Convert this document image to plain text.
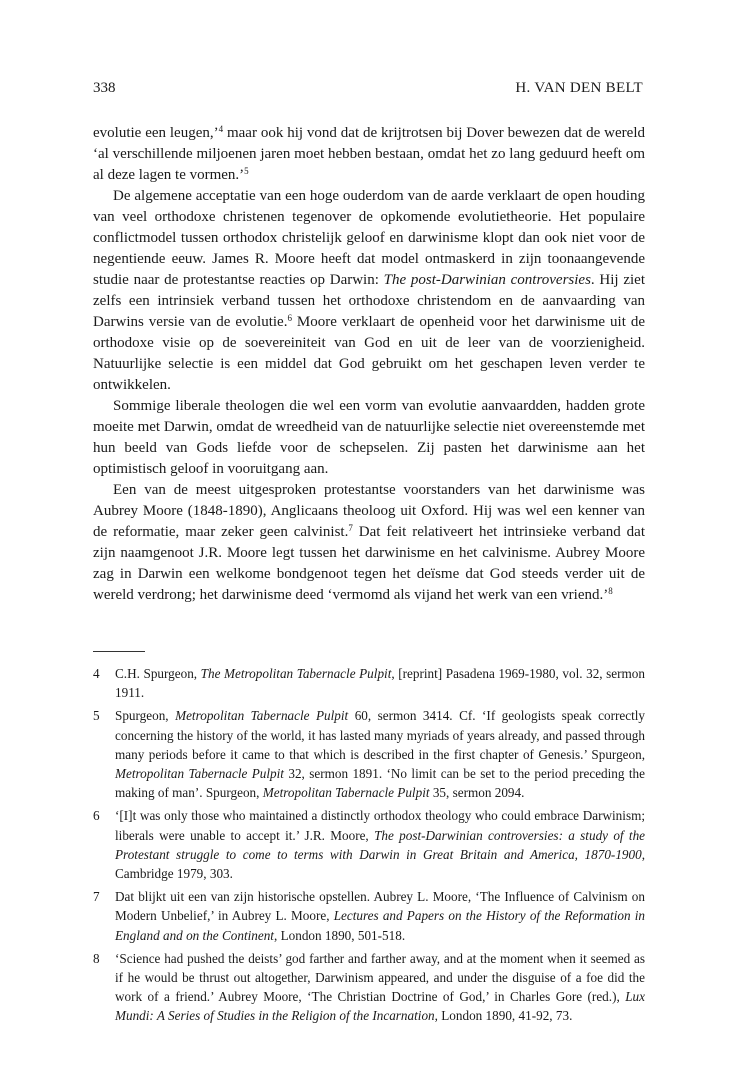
338	H. VAN DEN BELT

evolutie een leugen,’$^4$ maar ook hij vond dat de krijtrotsen bij Dover bewezen dat de wereld ‘al verschillende miljoenen jaren moet hebben bestaan, omdat het zo lang geduurd heeft om al deze lagen te vormen.’$^5$

De algemene acceptatie van een hoge ouderdom van de aarde verklaart de open houding van veel orthodoxe christenen tegenover de opkomende evolutietheorie. Het populaire conflictmodel tussen orthodox christelijk geloof en darwinisme klopt dan ook niet voor de negentiende eeuw. James R. Moore heeft dat model ontmaskerd in zijn toonaangevende studie naar de protestantse reacties op Darwin: The post-Darwinian controversies. Hij ziet zelfs een intrinsiek verband tussen het orthodoxe christendom en de aanvaarding van Darwins versie van de evolutie.$^6$ Moore verklaart de openheid voor het darwinisme uit de orthodoxe visie op de soevereiniteit van God en uit de leer van de voorzienigheid. Natuurlijke selectie is een middel dat God gebruikt om het geschapen leven verder te ontwikkelen.

Sommige liberale theologen die wel een vorm van evolutie aanvaardden, hadden grote moeite met Darwin, omdat de wreedheid van de natuurlijke selectie niet overeenstemde met hun beeld van Gods liefde voor de schepselen. Zij pasten het darwinisme aan het optimistisch geloof in vooruitgang aan.

Een van de meest uitgesproken protestantse voorstanders van het darwinisme was Aubrey Moore (1848-1890), Anglicaans theoloog uit Oxford. Hij was wel een kenner van de reformatie, maar zeker geen calvinist.$^7$ Dat feit relativeert het intrinsieke verband dat zijn naamgenoot J.R. Moore legt tussen het darwinisme en het calvinisme. Aubrey Moore zag in Darwin een welkome bondgenoot tegen het deïsme dat God steeds verder uit de wereld verdrong; het darwinisme deed ‘vermomd als vijand het werk van een vriend.’$^8$

4 C.H. Spurgeon, The Metropolitan Tabernacle Pulpit, [reprint] Pasadena 1969-1980, vol. 32, sermon 1911.
5 Spurgeon, Metropolitan Tabernacle Pulpit 60, sermon 3414. Cf. ‘If geologists speak correctly concerning the history of the world, it has lasted many myriads of years already, and passed through many periods before it came to that which is described in the first chapter of Genesis.’ Spurgeon, Metropolitan Tabernacle Pulpit 32, sermon 1891. ‘No limit can be set to the period preceding the making of man’. Spurgeon, Metropolitan Tabernacle Pulpit 35, sermon 2094.
6 ‘[I]t was only those who maintained a distinctly orthodox theology who could embrace Darwinism; liberals were unable to accept it.’ J.R. Moore, The post-Darwinian controversies: a study of the Protestant struggle to come to terms with Darwin in Great Britain and America, 1870-1900, Cambridge 1979, 303.
7 Dat blijkt uit een van zijn historische opstellen. Aubrey L. Moore, ‘The Influence of Calvinism on Modern Unbelief,’ in Aubrey L. Moore, Lectures and Papers on the History of the Reformation in England and on the Continent, London 1890, 501-518.
8 ‘Science had pushed the deists’ god farther and farther away, and at the moment when it seemed as if he would be thrust out altogether, Darwinism appeared, and under the disguise of a foe did the work of a friend.’ Aubrey Moore, ‘The Christian Doctrine of God,’ in Charles Gore (red.), Lux Mundi: A Series of Studies in the Religion of the Incarnation, London 1890, 41-92, 73.
